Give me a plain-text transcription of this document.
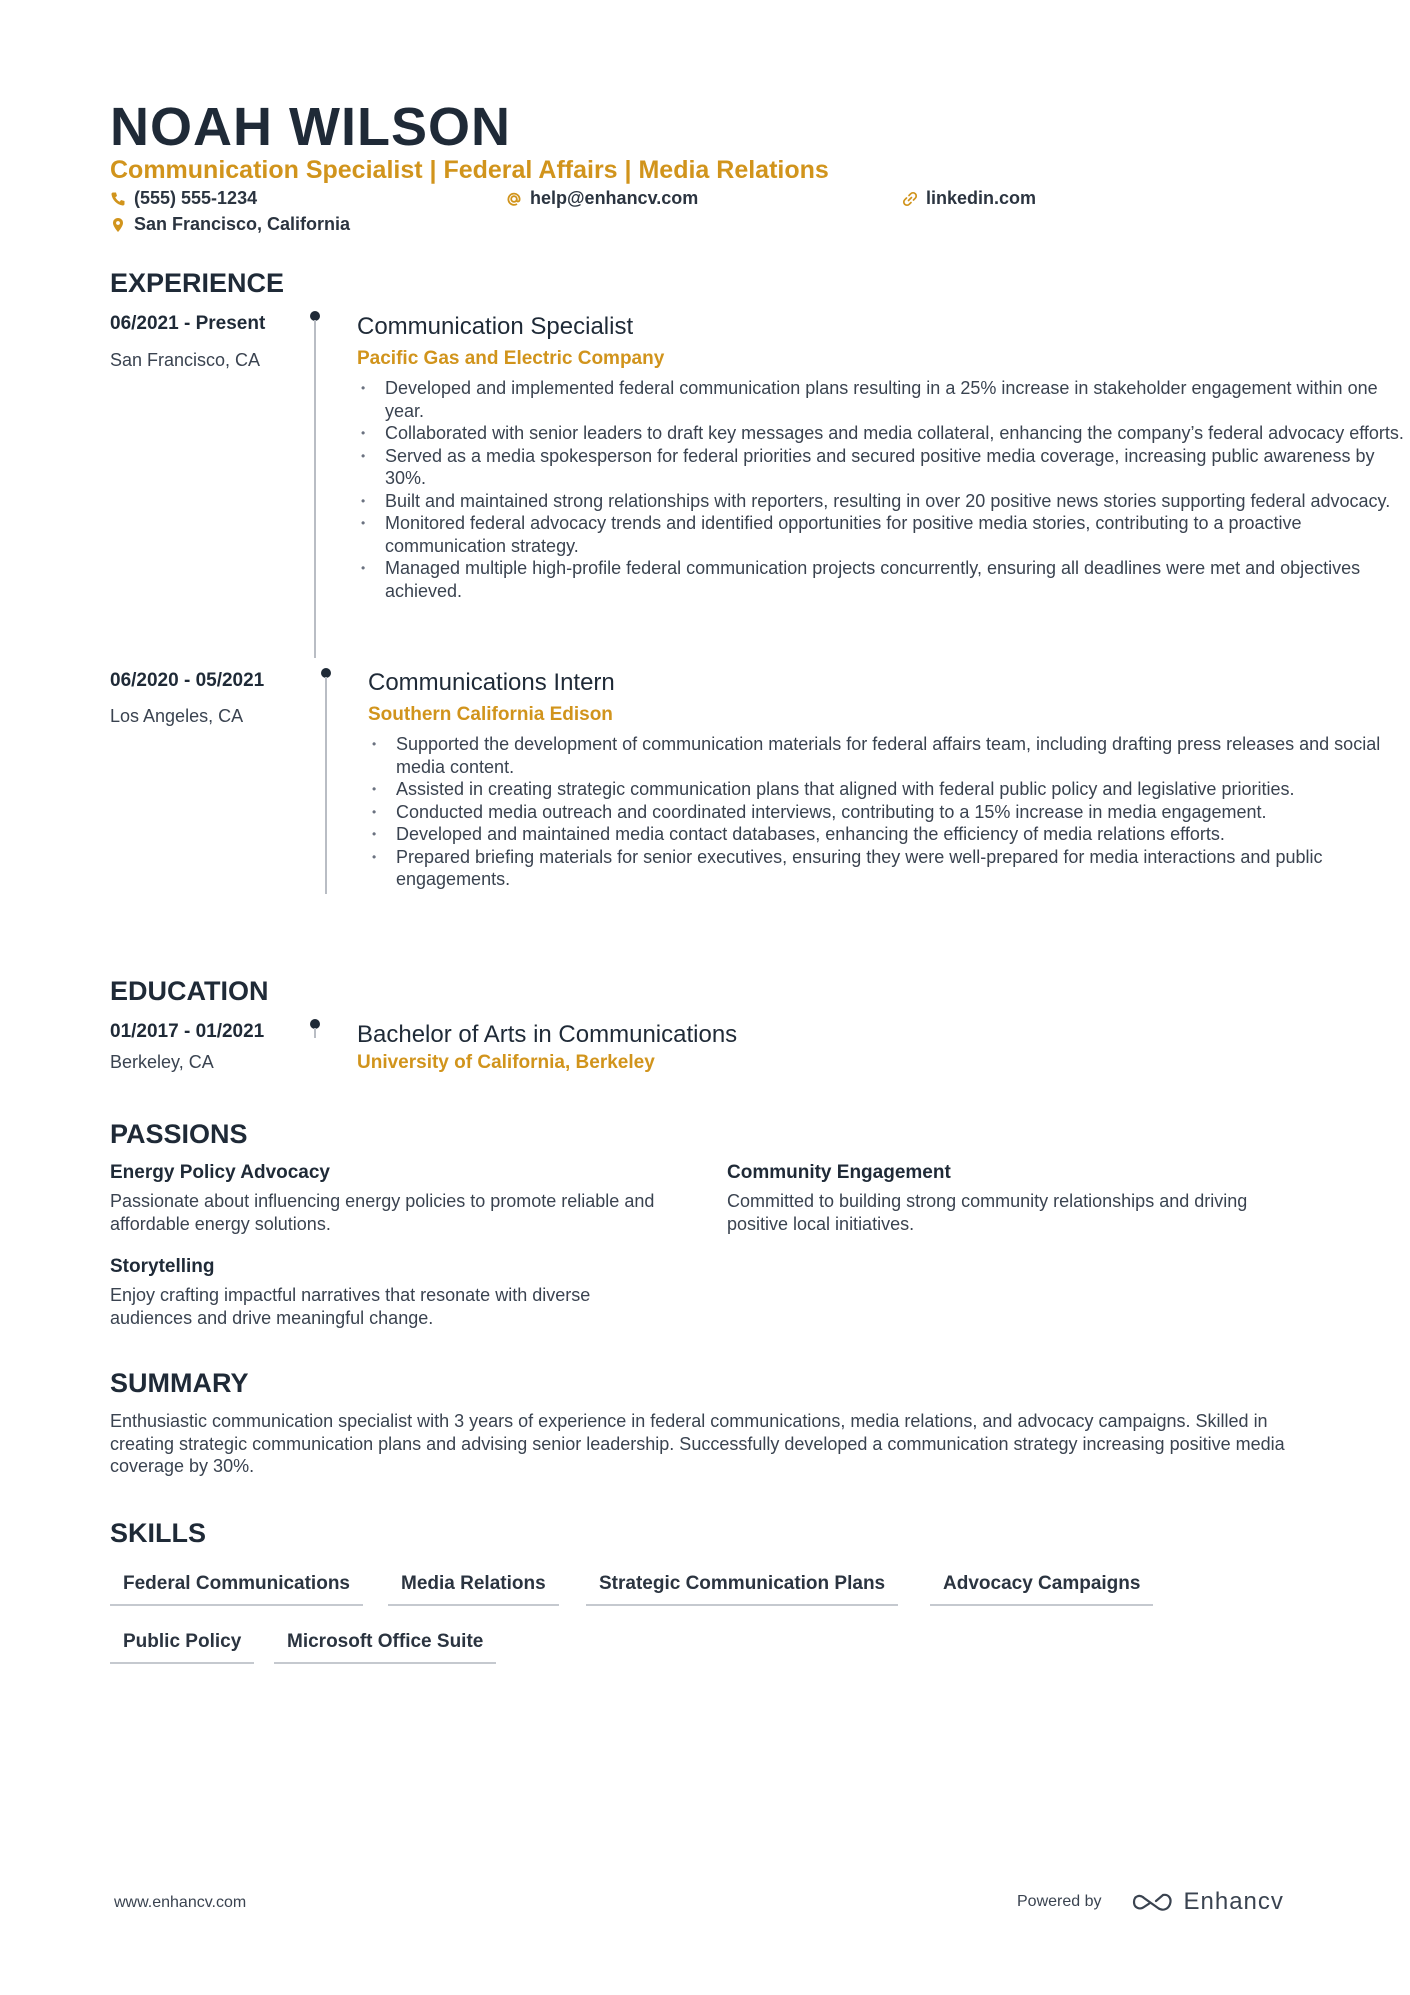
NOAH WILSON
Communication Specialist | Federal Affairs | Media Relations
(555) 555-1234	help@enhancv.com	linkedin.com
San Francisco, California
EXPERIENCE
06/2021 - Present
San Francisco, CA
Communication Specialist
Pacific Gas and Electric Company
• Developed and implemented federal communication plans resulting in a 25% increase in stakeholder engagement within one year.
• Collaborated with senior leaders to draft key messages and media collateral, enhancing the company’s federal advocacy efforts.
• Served as a media spokesperson for federal priorities and secured positive media coverage, increasing public awareness by 30%.
• Built and maintained strong relationships with reporters, resulting in over 20 positive news stories supporting federal advocacy.
• Monitored federal advocacy trends and identified opportunities for positive media stories, contributing to a proactive communication strategy.
• Managed multiple high-profile federal communication projects concurrently, ensuring all deadlines were met and objectives achieved.
06/2020 - 05/2021
Los Angeles, CA
Communications Intern
Southern California Edison
• Supported the development of communication materials for federal affairs team, including drafting press releases and social media content.
• Assisted in creating strategic communication plans that aligned with federal public policy and legislative priorities.
• Conducted media outreach and coordinated interviews, contributing to a 15% increase in media engagement.
• Developed and maintained media contact databases, enhancing the efficiency of media relations efforts.
• Prepared briefing materials for senior executives, ensuring they were well-prepared for media interactions and public engagements.
EDUCATION
01/2017 - 01/2021
Berkeley, CA
Bachelor of Arts in Communications
University of California, Berkeley
PASSIONS
Energy Policy Advocacy
Passionate about influencing energy policies to promote reliable and affordable energy solutions.
Community Engagement
Committed to building strong community relationships and driving positive local initiatives.
Storytelling
Enjoy crafting impactful narratives that resonate with diverse audiences and drive meaningful change.
SUMMARY
Enthusiastic communication specialist with 3 years of experience in federal communications, media relations, and advocacy campaigns. Skilled in creating strategic communication plans and advising senior leadership. Successfully developed a communication strategy increasing positive media coverage by 30%.
SKILLS
Federal Communications	Media Relations	Strategic Communication Plans	Advocacy Campaigns
Public Policy	Microsoft Office Suite
www.enhancv.com	Powered by	Enhancv
